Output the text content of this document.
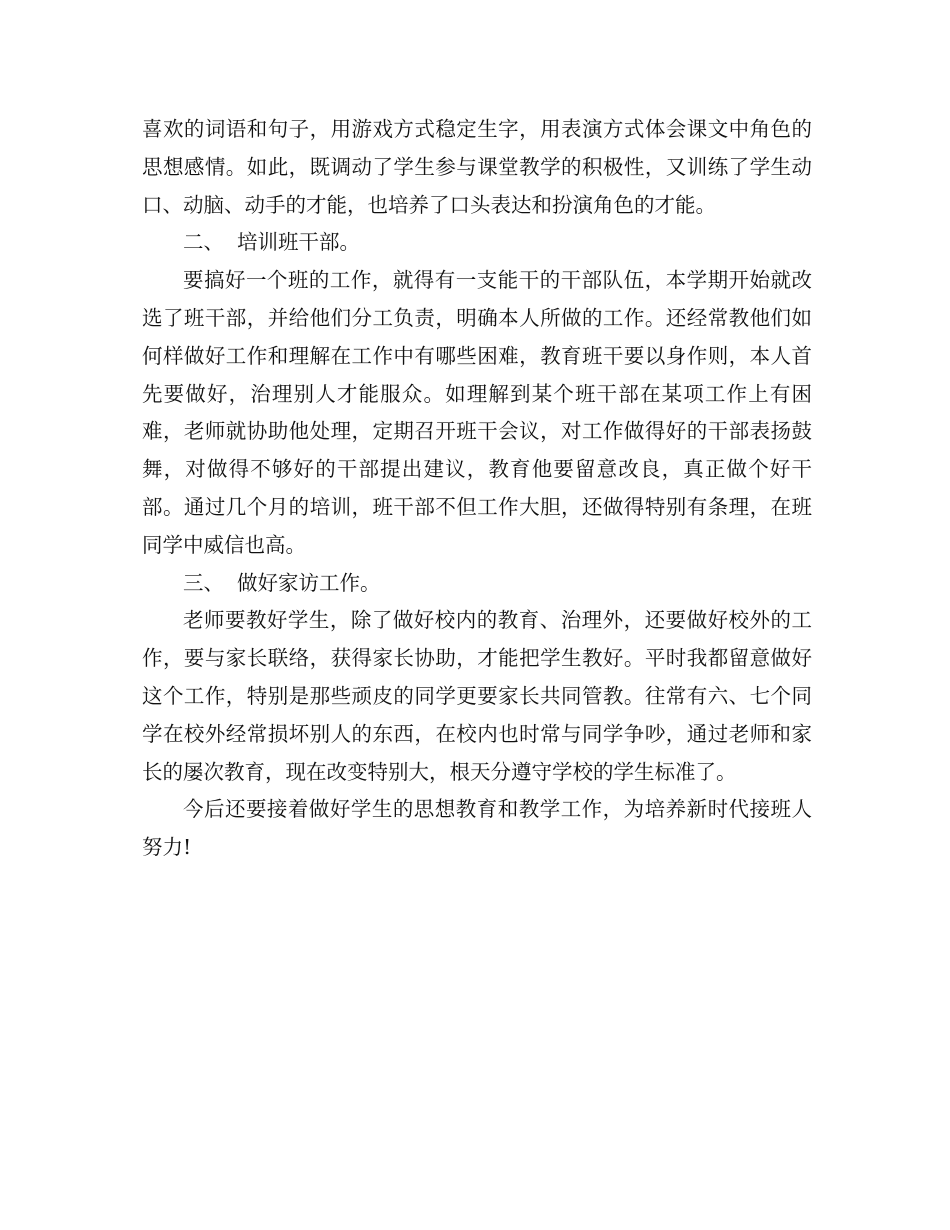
喜欢的词语和句子，用游戏方式稳定生字，用表演方式体会课文中角色的思想感情。如此，既调动了学生参与课堂教学的积极性，又训练了学生动口、动脑、动手的才能，也培养了口头表达和扮演角色的才能。

二、  培训班干部。

要搞好一个班的工作，就得有一支能干的干部队伍，本学期开始就改选了班干部，并给他们分工负责，明确本人所做的工作。还经常教他们如何样做好工作和理解在工作中有哪些困难，教育班干要以身作则，本人首先要做好，治理别人才能服众。如理解到某个班干部在某项工作上有困难，老师就协助他处理，定期召开班干会议，对工作做得好的干部表扬鼓舞，对做得不够好的干部提出建议，教育他要留意改良，真正做个好干部。通过几个月的培训，班干部不但工作大胆，还做得特别有条理，在班同学中威信也高。

三、  做好家访工作。

老师要教好学生，除了做好校内的教育、治理外，还要做好校外的工作，要与家长联络，获得家长协助，才能把学生教好。平时我都留意做好这个工作，特别是那些顽皮的同学更要家长共同管教。往常有六、七个同学在校外经常损坏别人的东西，在校内也时常与同学争吵，通过老师和家长的屡次教育，现在改变特别大，根天分遵守学校的学生标准了。

今后还要接着做好学生的思想教育和教学工作，为培养新时代接班人努力!
